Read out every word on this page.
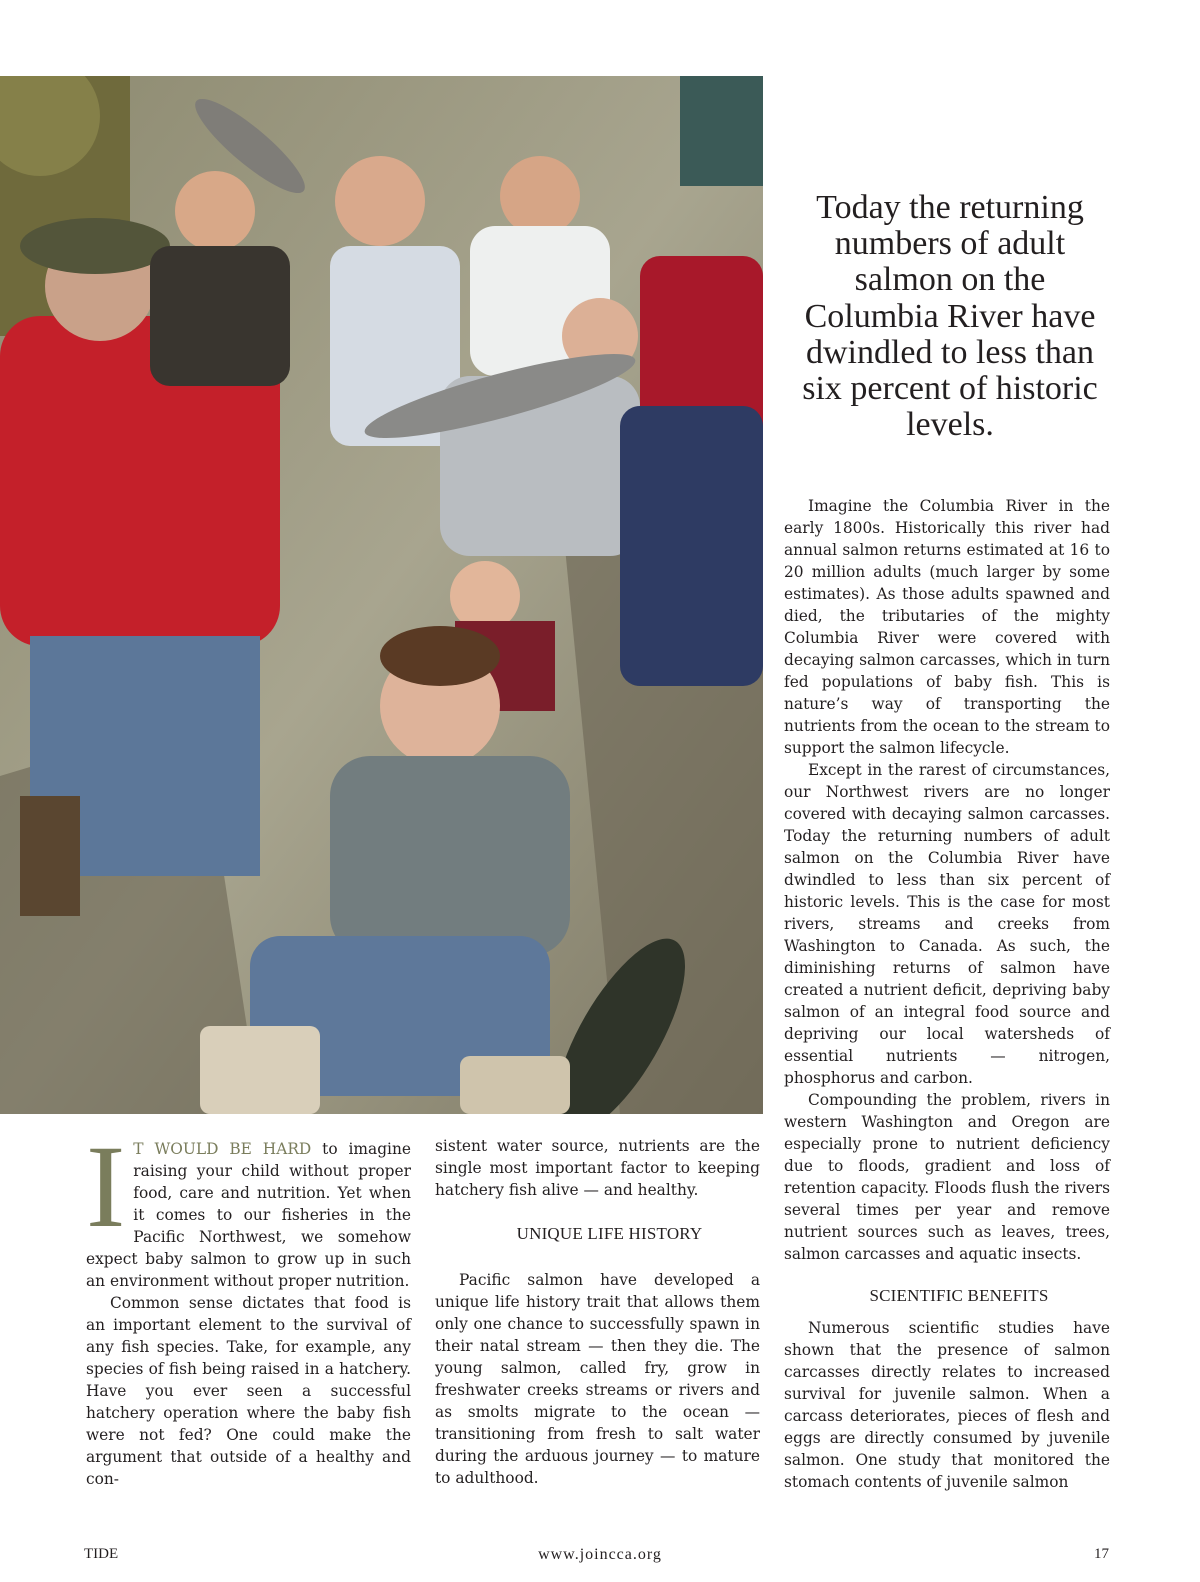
Today the returning numbers of adult salmon on the Columbia River have dwindled to less than six percent of historic levels.

I T WOULD BE HARD to imagine raising your child without proper food, care and nutrition. Yet when it comes to our fisheries in the Pacific Northwest, we somehow expect baby salmon to grow up in such an environment without proper nutrition.

Common sense dictates that food is an important element to the survival of any fish species. Take, for example, any species of fish being raised in a hatchery. Have you ever seen a successful hatchery operation where the baby fish were not fed? One could make the argument that outside of a healthy and con-

sistent water source, nutrients are the single most important factor to keeping hatchery fish alive — and healthy.

UNIQUE LIFE HISTORY

Pacific salmon have developed a unique life history trait that allows them only one chance to successfully spawn in their natal stream — then they die. The young salmon, called fry, grow in freshwater creeks streams or rivers and as smolts migrate to the ocean — transitioning from fresh to salt water during the arduous journey — to mature to adulthood.

Imagine the Columbia River in the early 1800s. Historically this river had annual salmon returns estimated at 16 to 20 million adults (much larger by some estimates). As those adults spawned and died, the tributaries of the mighty Columbia River were covered with decaying salmon carcasses, which in turn fed populations of baby fish. This is nature’s way of transporting the nutrients from the ocean to the stream to support the salmon lifecycle.

Except in the rarest of circumstances, our Northwest rivers are no longer covered with decaying salmon carcasses. Today the returning numbers of adult salmon on the Columbia River have dwindled to less than six percent of historic levels. This is the case for most rivers, streams and creeks from Washington to Canada. As such, the diminishing returns of salmon have created a nutrient deficit, depriving baby salmon of an integral food source and depriving our local watersheds of essential nutrients — nitrogen, phosphorus and carbon.

Compounding the problem, rivers in western Washington and Oregon are especially prone to nutrient deficiency due to floods, gradient and loss of retention capacity. Floods flush the rivers several times per year and remove nutrient sources such as leaves, trees, salmon carcasses and aquatic insects.

SCIENTIFIC BENEFITS

Numerous scientific studies have shown that the presence of salmon carcasses directly relates to increased survival for juvenile salmon. When a carcass deteriorates, pieces of flesh and eggs are directly consumed by juvenile salmon. One study that monitored the stomach contents of juvenile salmon

TIDE	www.joincca.org	17
